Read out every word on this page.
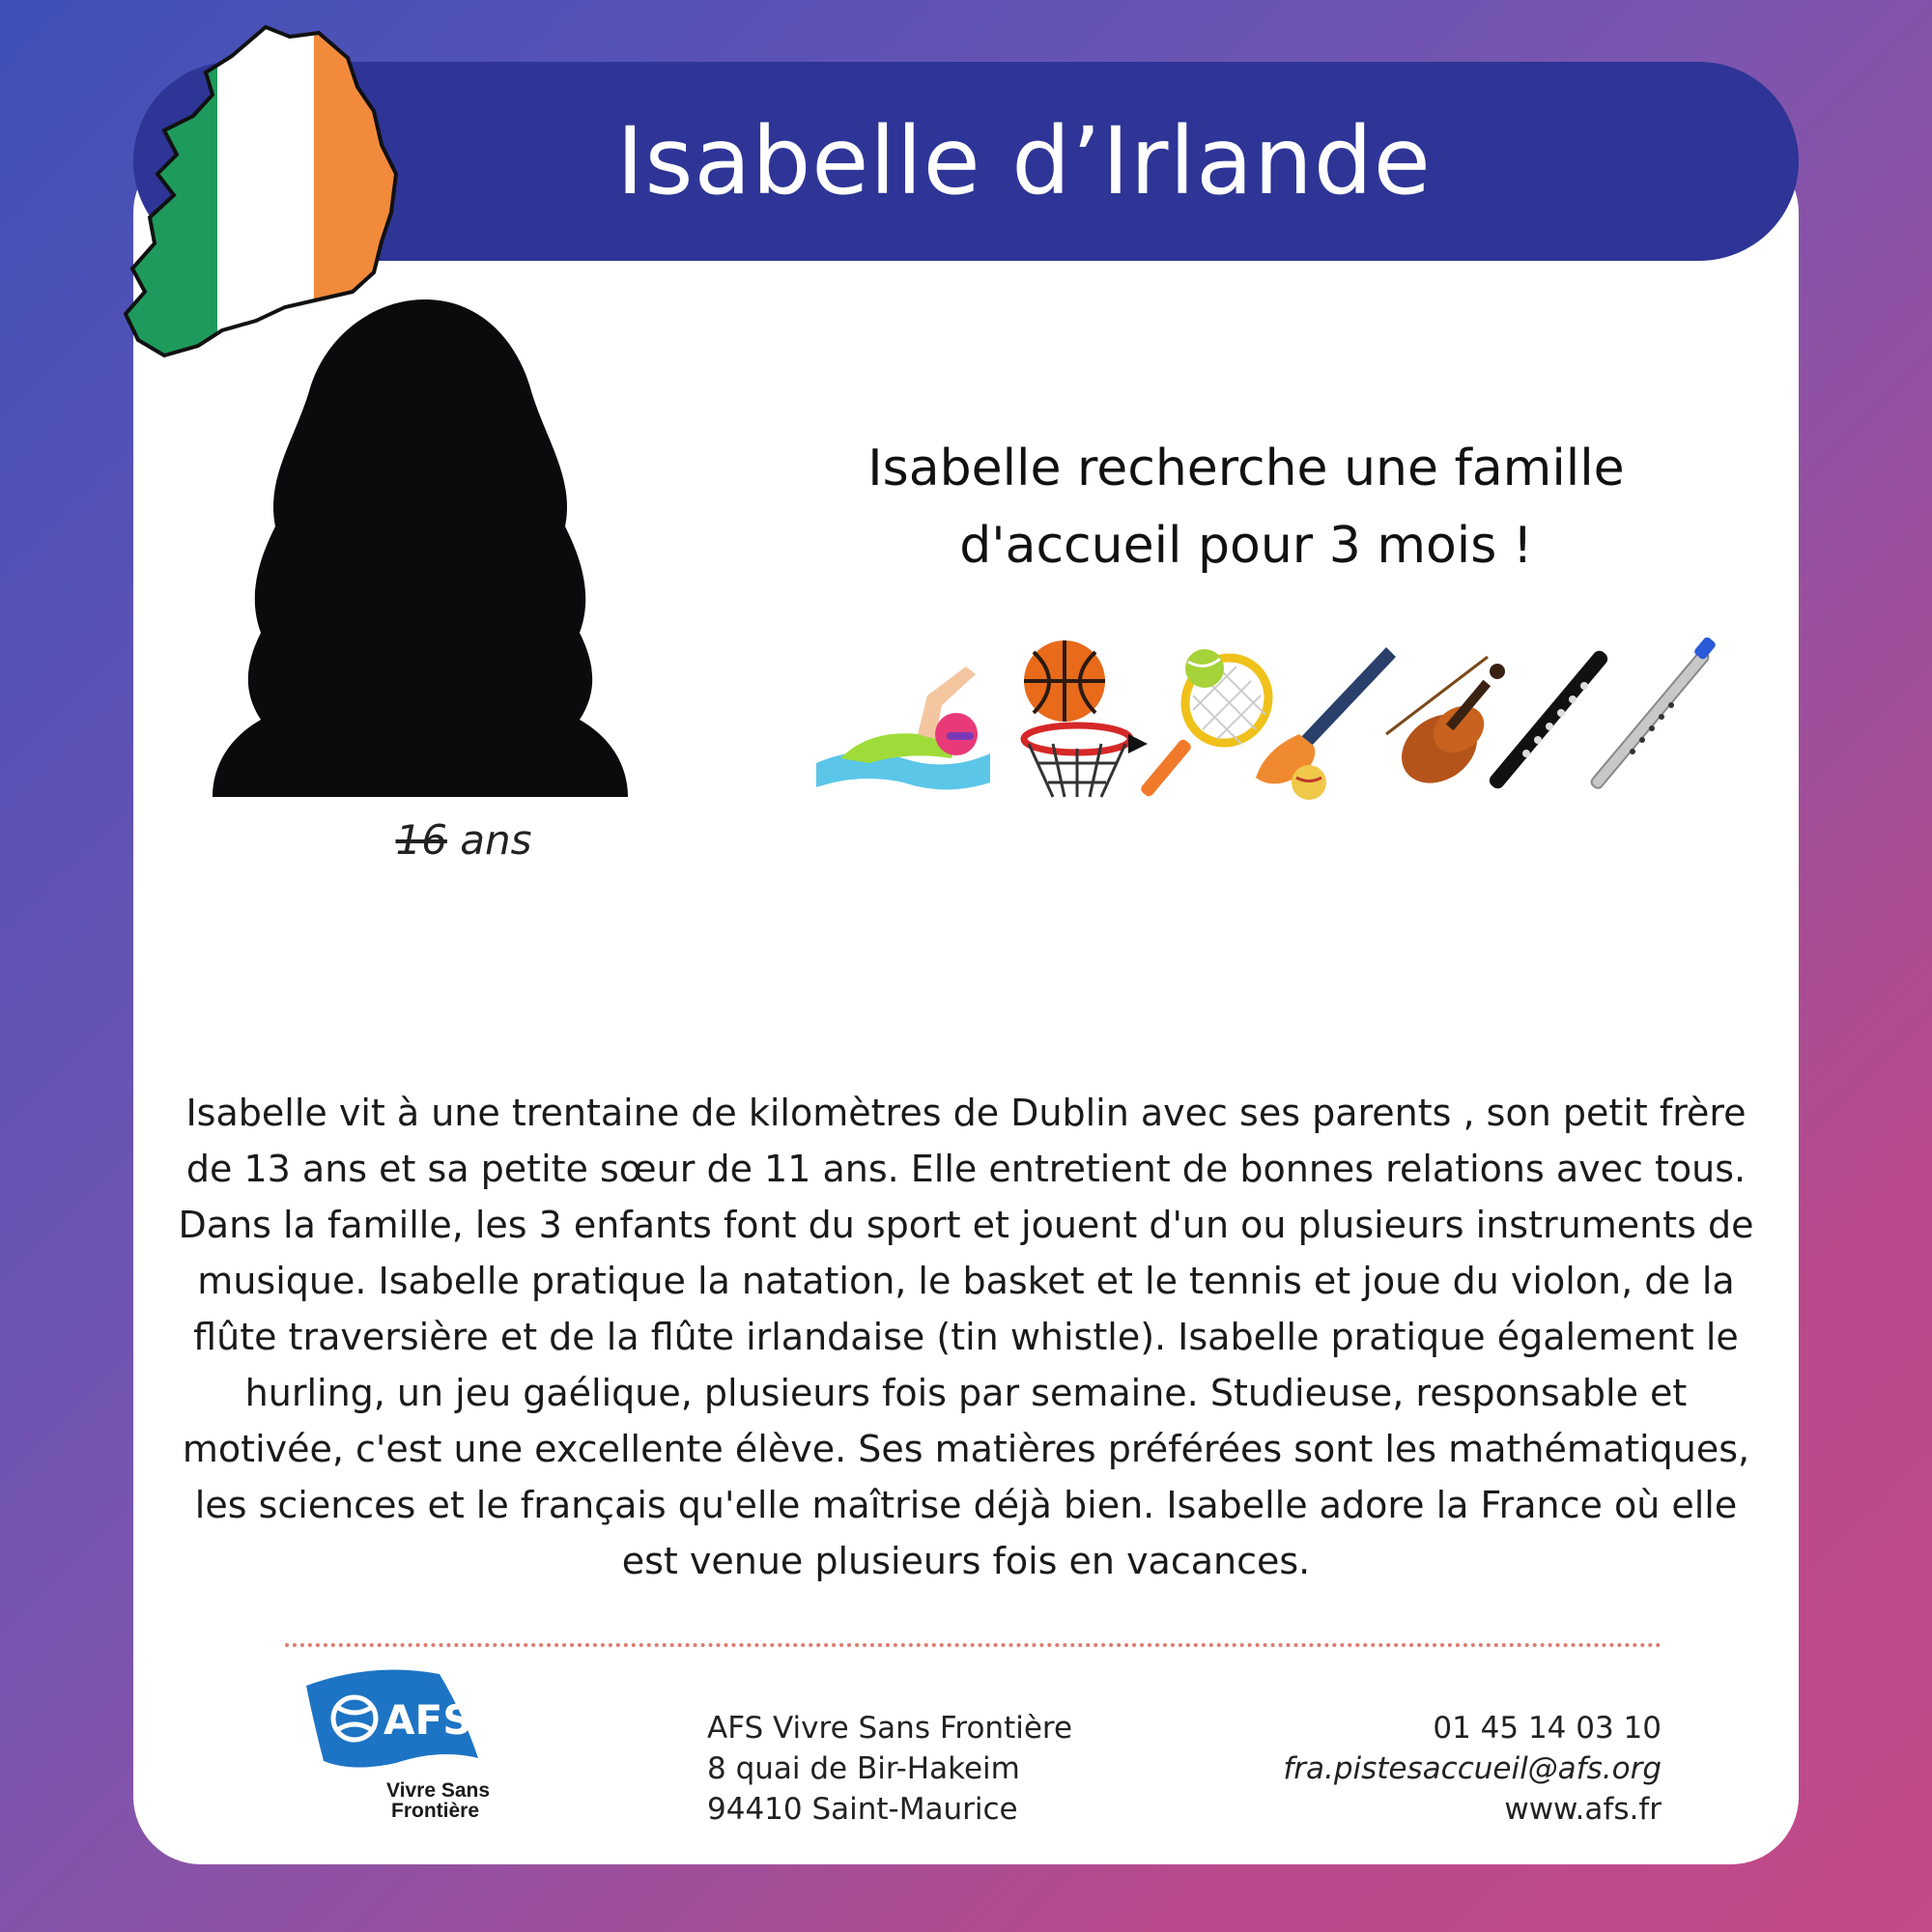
Isabelle d’Irlande
16 ans
Isabelle recherche une famille
d'accueil pour 3 mois !
Isabelle vit à une trentaine de kilomètres de Dublin avec ses parents , son petit frère de 13 ans et sa petite sœur de 11 ans. Elle entretient de bonnes relations avec tous. Dans la famille, les 3 enfants font du sport et jouent d'un ou plusieurs instruments de musique. Isabelle pratique la natation, le basket et le tennis et joue du violon, de la flûte traversière et de la flûte irlandaise (tin whistle). Isabelle pratique également le hurling, un jeu gaélique, plusieurs fois par semaine. Studieuse, responsable et motivée, c'est une excellente élève. Ses matières préférées sont les mathématiques, les sciences et le français qu'elle maîtrise déjà bien. Isabelle adore la France où elle est venue plusieurs fois en vacances.
AFS
Vivre Sans
Frontière
AFS Vivre Sans Frontière
8 quai de Bir-Hakeim
94410 Saint-Maurice
01 45 14 03 10
fra.pistesaccueil@afs.org
www.afs.fr
